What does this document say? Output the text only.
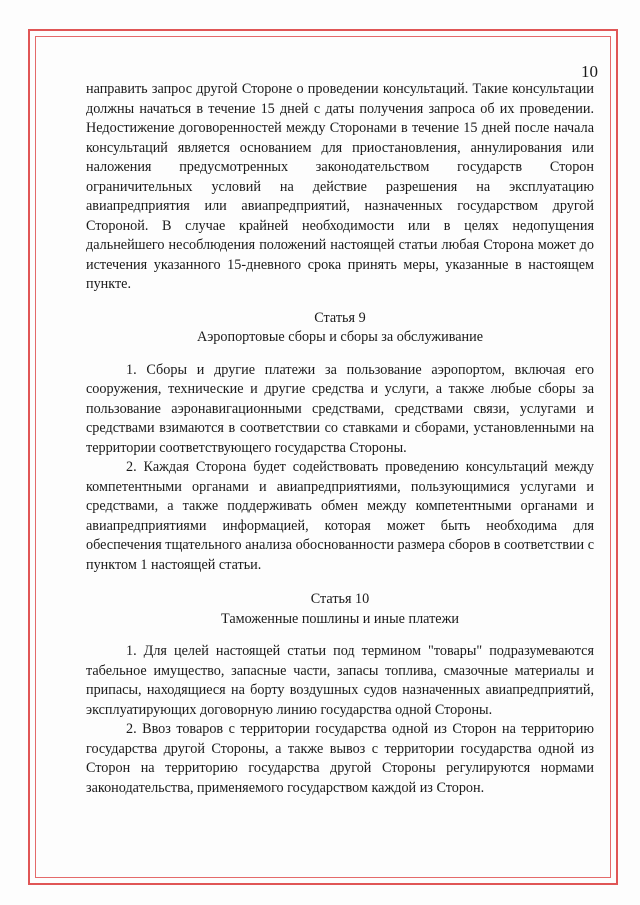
10

направить запрос другой Стороне о проведении консультаций. Такие консультации должны начаться в течение 15 дней с даты получения запроса об их проведении. Недостижение договоренностей между Сторонами в течение 15 дней после начала консультаций является основанием для приостановления, аннулирования или наложения предусмотренных законодательством государств Сторон ограничительных условий на действие разрешения на эксплуатацию авиапредприятия или авиапредприятий, назначенных государством другой Стороной. В случае крайней необходимости или в целях недопущения дальнейшего несоблюдения положений настоящей статьи любая Сторона может до истечения указанного 15-дневного срока принять меры, указанные в настоящем пункте.

Статья 9

Аэропортовые сборы и сборы за обслуживание

1. Сборы и другие платежи за пользование аэропортом, включая его сооружения, технические и другие средства и услуги, а также любые сборы за пользование аэронавигационными средствами, средствами связи, услугами и средствами взимаются в соответствии со ставками и сборами, установленными на территории соответствующего государства Стороны.

2. Каждая Сторона будет содействовать проведению консультаций между компетентными органами и авиапредприятиями, пользующимися услугами и средствами, а также поддерживать обмен между компетентными органами и авиапредприятиями информацией, которая может быть необходима для обеспечения тщательного анализа обоснованности размера сборов в соответствии с пунктом 1 настоящей статьи.

Статья 10

Таможенные пошлины и иные платежи

1. Для целей настоящей статьи под термином "товары" подразумеваются табельное имущество, запасные части, запасы топлива, смазочные материалы и припасы, находящиеся на борту воздушных судов назначенных авиапредприятий, эксплуатирующих договорную линию государства одной Стороны.

2. Ввоз товаров с территории государства одной из Сторон на территорию государства другой Стороны, а также вывоз с территории государства одной из Сторон на территорию государства другой Стороны регулируются нормами законодательства, применяемого государством каждой из Сторон.
